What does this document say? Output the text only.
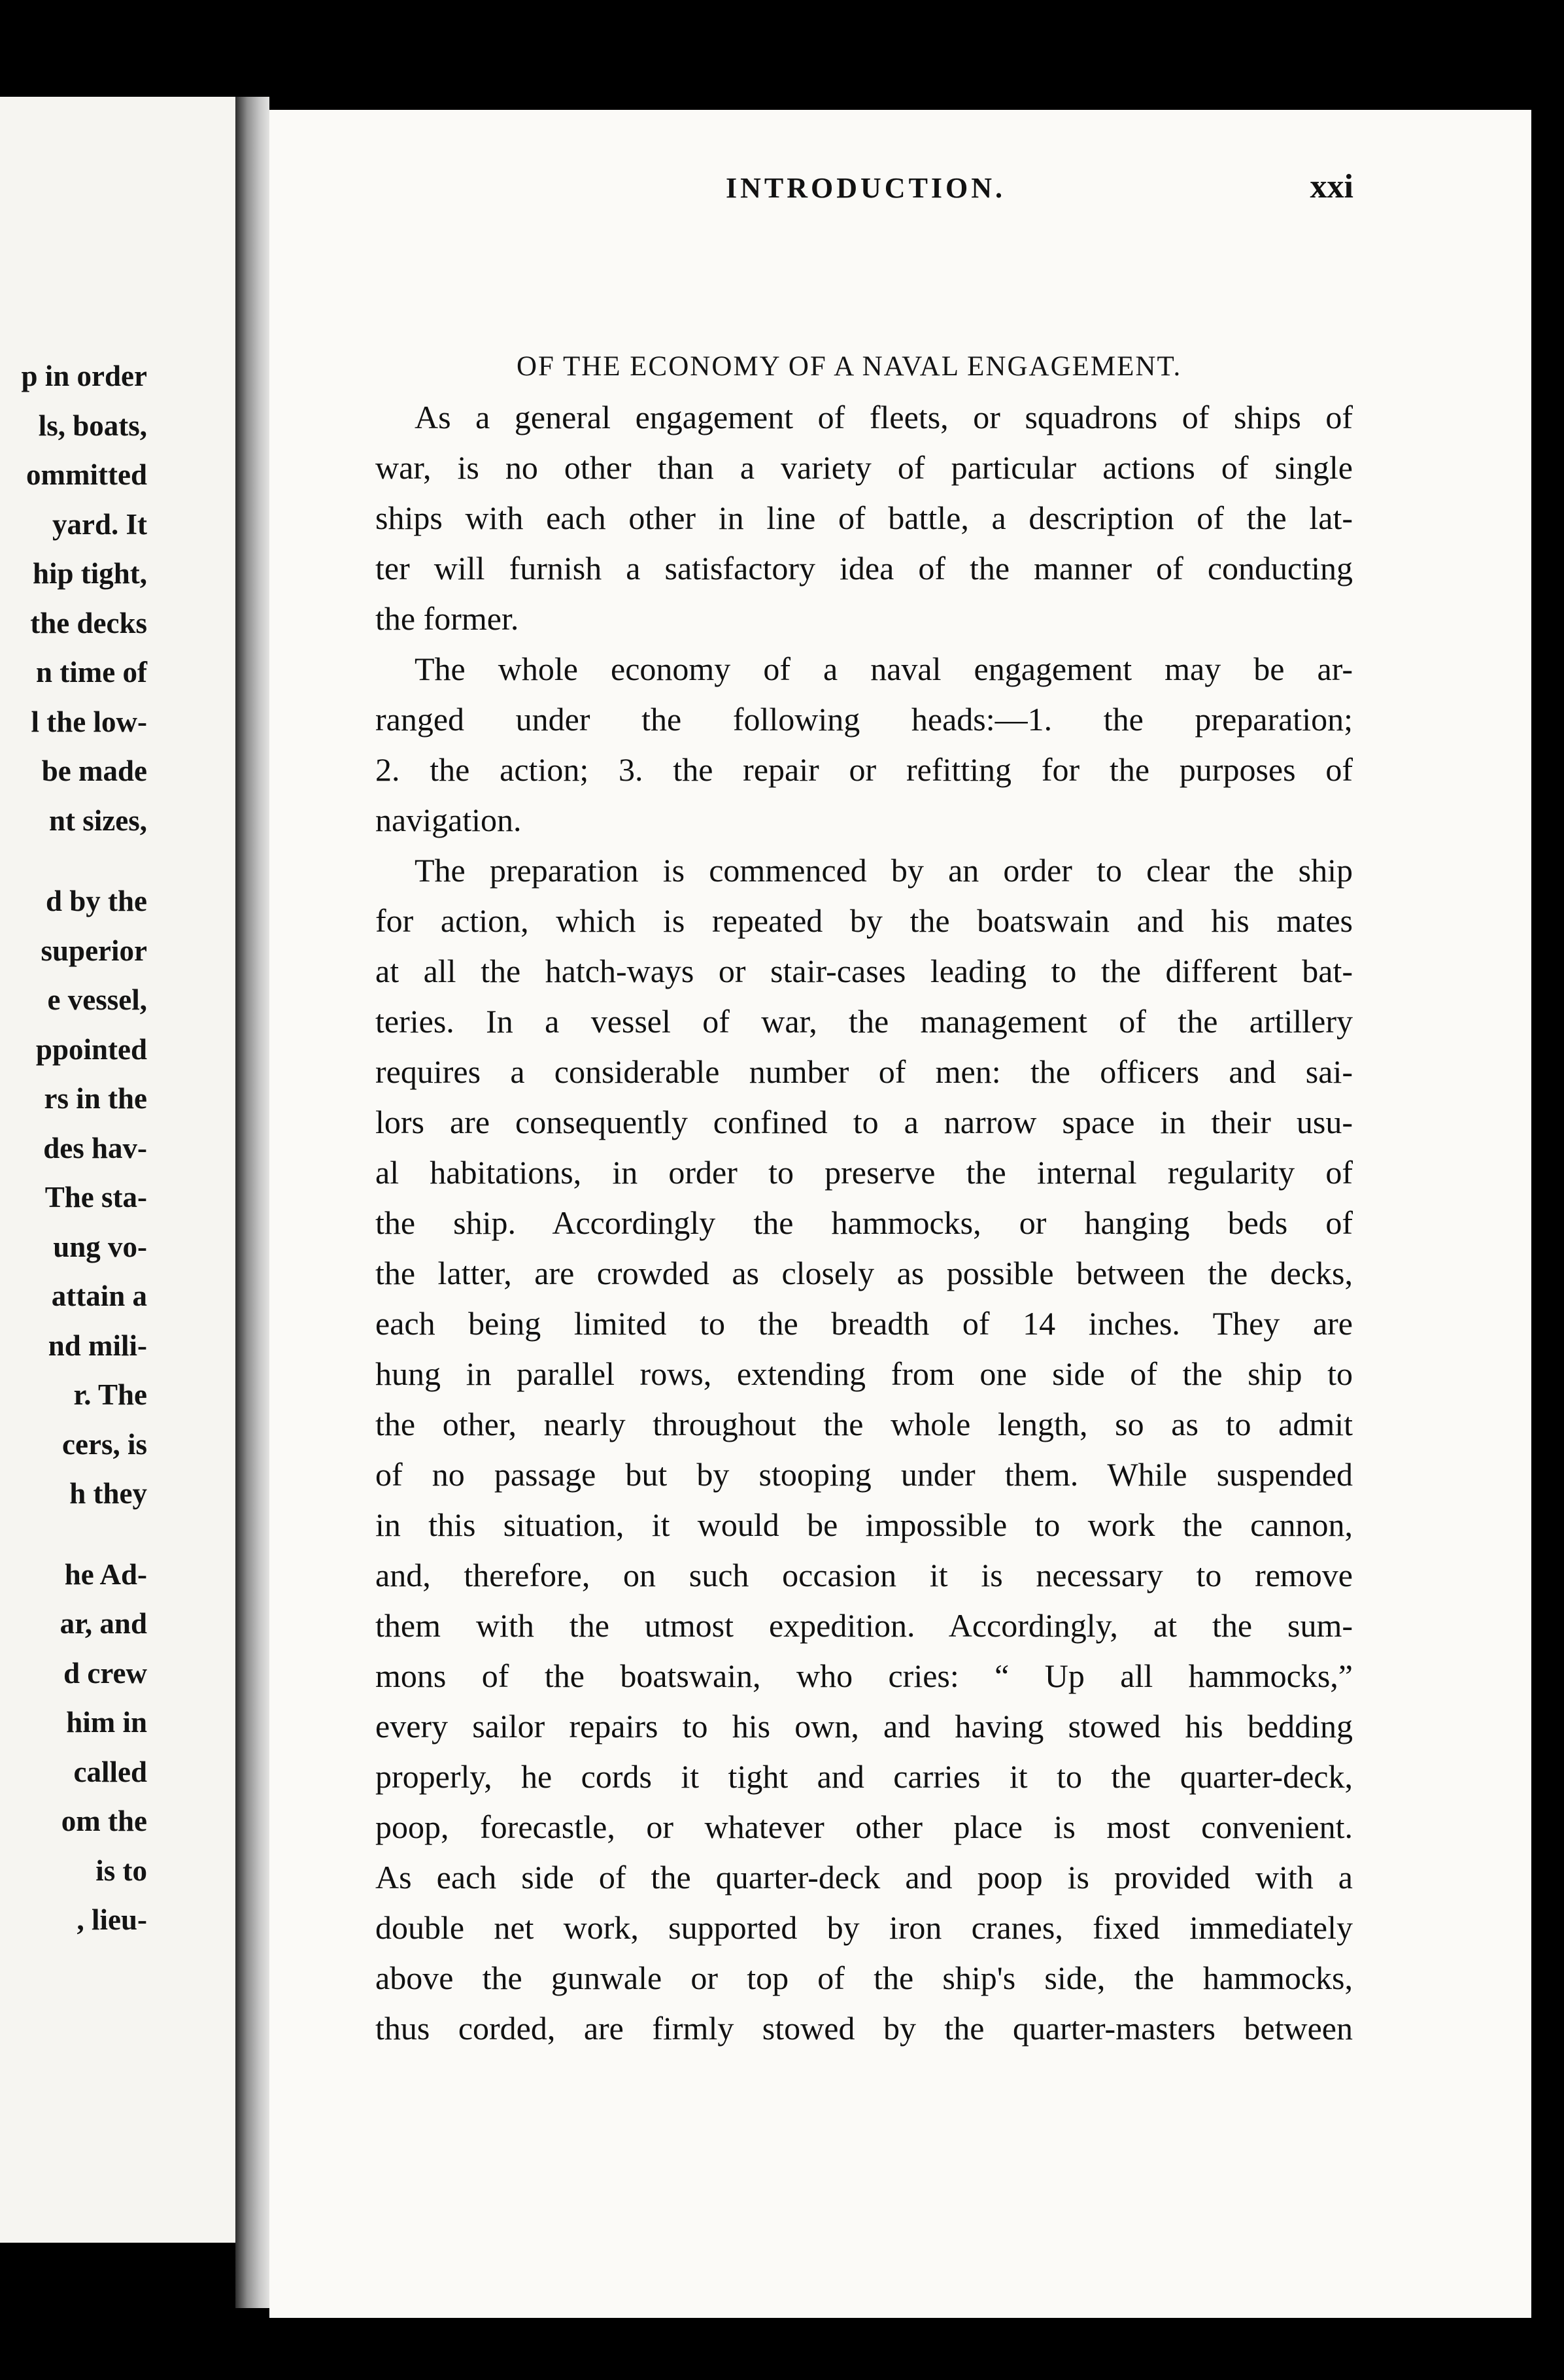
p in order
ls, boats,
ommitted
yard. It
hip tight,
the decks
n time of
l the low-
be made
nt sizes,
d by the
superior
e vessel,
ppointed
rs in the
des hav-
The sta-
ung vo-
attain a
nd mili-
r. The
cers, is
h they
he Ad-
ar, and
d crew
him in
called
om the
is to
, lieu-
INTRODUCTION.	xxi
OF THE ECONOMY OF A NAVAL ENGAGEMENT.
As a general engagement of fleets, or squadrons of ships of
war, is no other than a variety of particular actions of single
ships with each other in line of battle, a description of the lat-
ter will furnish a satisfactory idea of the manner of conducting
the former.
The whole economy of a naval engagement may be ar-
ranged under the following heads:—1. the preparation;
2. the action; 3. the repair or refitting for the purposes of
navigation.
The preparation is commenced by an order to clear the ship
for action, which is repeated by the boatswain and his mates
at all the hatch-ways or stair-cases leading to the different bat-
teries. In a vessel of war, the management of the artillery
requires a considerable number of men: the officers and sai-
lors are consequently confined to a narrow space in their usu-
al habitations, in order to preserve the internal regularity of
the ship. Accordingly the hammocks, or hanging beds of
the latter, are crowded as closely as possible between the decks,
each being limited to the breadth of 14 inches. They are
hung in parallel rows, extending from one side of the ship to
the other, nearly throughout the whole length, so as to admit
of no passage but by stooping under them. While suspended
in this situation, it would be impossible to work the cannon,
and, therefore, on such occasion it is necessary to remove
them with the utmost expedition. Accordingly, at the sum-
mons of the boatswain, who cries: “ Up all hammocks,”
every sailor repairs to his own, and having stowed his bedding
properly, he cords it tight and carries it to the quarter-deck,
poop, forecastle, or whatever other place is most convenient.
As each side of the quarter-deck and poop is provided with a
double net work, supported by iron cranes, fixed immediately
above the gunwale or top of the ship's side, the hammocks,
thus corded, are firmly stowed by the quarter-masters between
